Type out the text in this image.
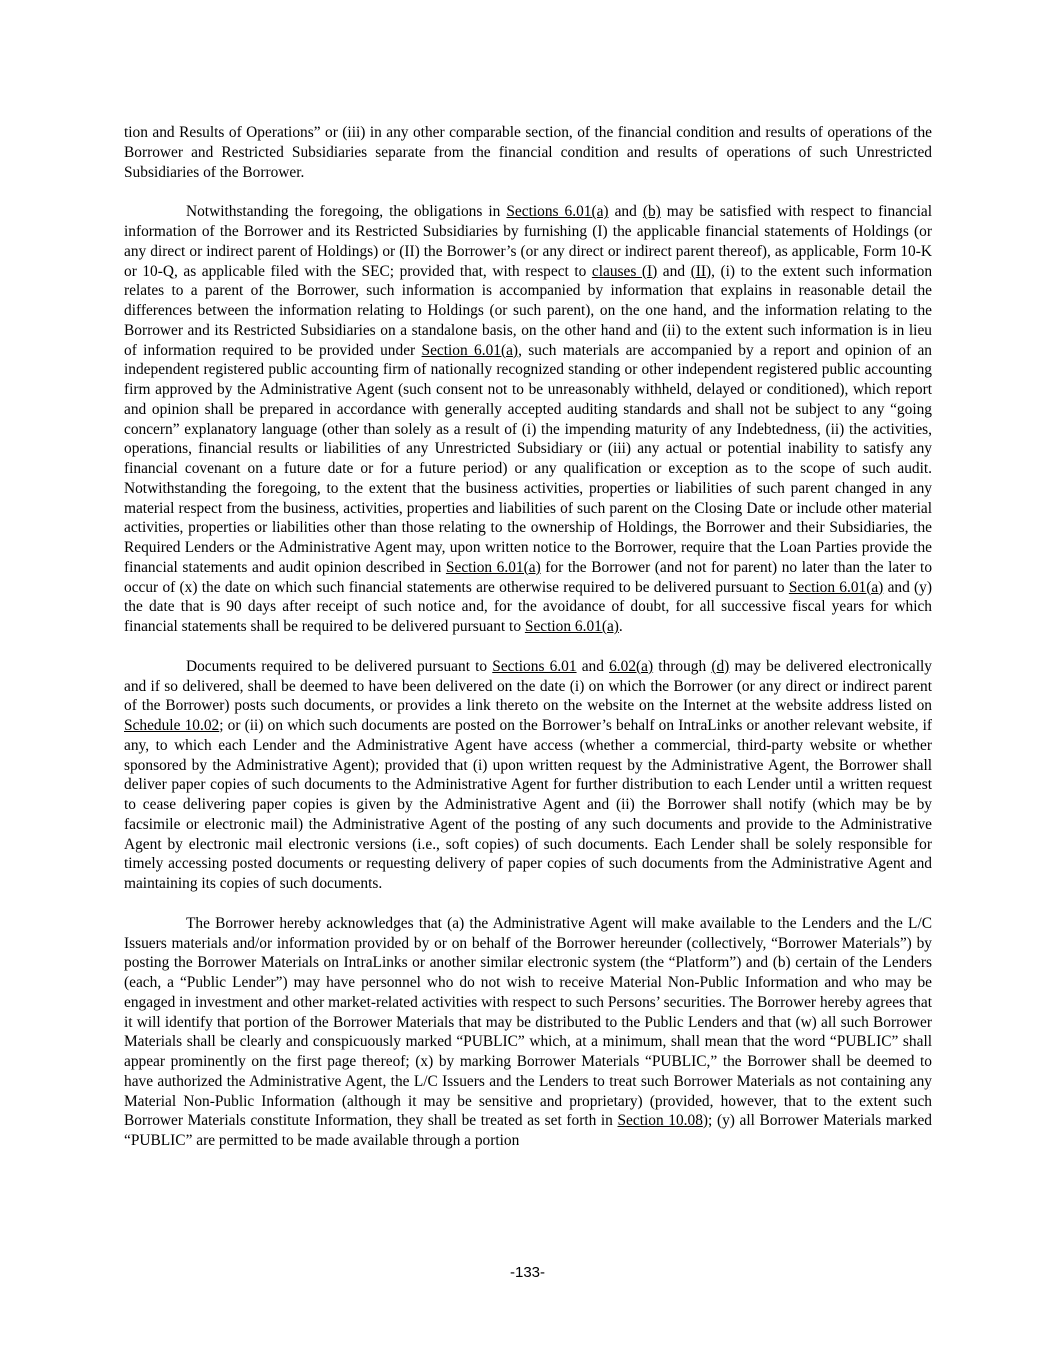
tion and Results of Operations” or (iii) in any other comparable section, of the financial condition and results of operations of the Borrower and Restricted Subsidiaries separate from the financial condition and results of operations of such Unrestricted Subsidiaries of the Borrower.

Notwithstanding the foregoing, the obligations in Sections 6.01(a) and (b) may be satisfied with respect to financial information of the Borrower and its Restricted Subsidiaries by furnishing (I) the applicable financial statements of Holdings (or any direct or indirect parent of Holdings) or (II) the Borrower’s (or any direct or indirect parent thereof), as applicable, Form 10-K or 10-Q, as applicable filed with the SEC; provided that, with respect to clauses (I) and (II), (i) to the extent such information relates to a parent of the Borrower, such information is accompanied by information that explains in reasonable detail the differences between the information relating to Holdings (or such parent), on the one hand, and the information relating to the Borrower and its Restricted Subsidiaries on a standalone basis, on the other hand and (ii) to the extent such information is in lieu of information required to be provided under Section 6.01(a), such materials are accompanied by a report and opinion of an independent registered public accounting firm of nationally recognized standing or other independent registered public accounting firm approved by the Administrative Agent (such consent not to be unreasonably withheld, delayed or conditioned), which report and opinion shall be prepared in accordance with generally accepted auditing standards and shall not be subject to any “going concern” explanatory language (other than solely as a result of (i) the impending maturity of any Indebtedness, (ii) the activities, operations, financial results or liabilities of any Unrestricted Subsidiary or (iii) any actual or potential inability to satisfy any financial covenant on a future date or for a future period) or any qualification or exception as to the scope of such audit. Notwithstanding the foregoing, to the extent that the business activities, properties or liabilities of such parent changed in any material respect from the business, activities, properties and liabilities of such parent on the Closing Date or include other material activities, properties or liabilities other than those relating to the ownership of Holdings, the Borrower and their Subsidiaries, the Required Lenders or the Administrative Agent may, upon written notice to the Borrower, require that the Loan Parties provide the financial statements and audit opinion described in Section 6.01(a) for the Borrower (and not for parent) no later than the later to occur of (x) the date on which such financial statements are otherwise required to be delivered pursuant to Section 6.01(a) and (y) the date that is 90 days after receipt of such notice and, for the avoidance of doubt, for all successive fiscal years for which financial statements shall be required to be delivered pursuant to Section 6.01(a).

Documents required to be delivered pursuant to Sections 6.01 and 6.02(a) through (d) may be delivered electronically and if so delivered, shall be deemed to have been delivered on the date (i) on which the Borrower (or any direct or indirect parent of the Borrower) posts such documents, or provides a link thereto on the website on the Internet at the website address listed on Schedule 10.02; or (ii) on which such documents are posted on the Borrower’s behalf on IntraLinks or another relevant website, if any, to which each Lender and the Administrative Agent have access (whether a commercial, third-party website or whether sponsored by the Administrative Agent); provided that (i) upon written request by the Administrative Agent, the Borrower shall deliver paper copies of such documents to the Administrative Agent for further distribution to each Lender until a written request to cease delivering paper copies is given by the Administrative Agent and (ii) the Borrower shall notify (which may be by facsimile or electronic mail) the Administrative Agent of the posting of any such documents and provide to the Administrative Agent by electronic mail electronic versions (i.e., soft copies) of such documents. Each Lender shall be solely responsible for timely accessing posted documents or requesting delivery of paper copies of such documents from the Administrative Agent and maintaining its copies of such documents.

The Borrower hereby acknowledges that (a) the Administrative Agent will make available to the Lenders and the L/C Issuers materials and/or information provided by or on behalf of the Borrower hereunder (collectively, “Borrower Materials”) by posting the Borrower Materials on IntraLinks or another similar electronic system (the “Platform”) and (b) certain of the Lenders (each, a “Public Lender”) may have personnel who do not wish to receive Material Non-Public Information and who may be engaged in investment and other market-related activities with respect to such Persons’ securities. The Borrower hereby agrees that it will identify that portion of the Borrower Materials that may be distributed to the Public Lenders and that (w) all such Borrower Materials shall be clearly and conspicuously marked “PUBLIC” which, at a minimum, shall mean that the word “PUBLIC” shall appear prominently on the first page thereof; (x) by marking Borrower Materials “PUBLIC,” the Borrower shall be deemed to have authorized the Administrative Agent, the L/C Issuers and the Lenders to treat such Borrower Materials as not containing any Material Non-Public Information (although it may be sensitive and proprietary) (provided, however, that to the extent such Borrower Materials constitute Information, they shall be treated as set forth in Section 10.08); (y) all Borrower Materials marked “PUBLIC” are permitted to be made available through a portion

-133-
